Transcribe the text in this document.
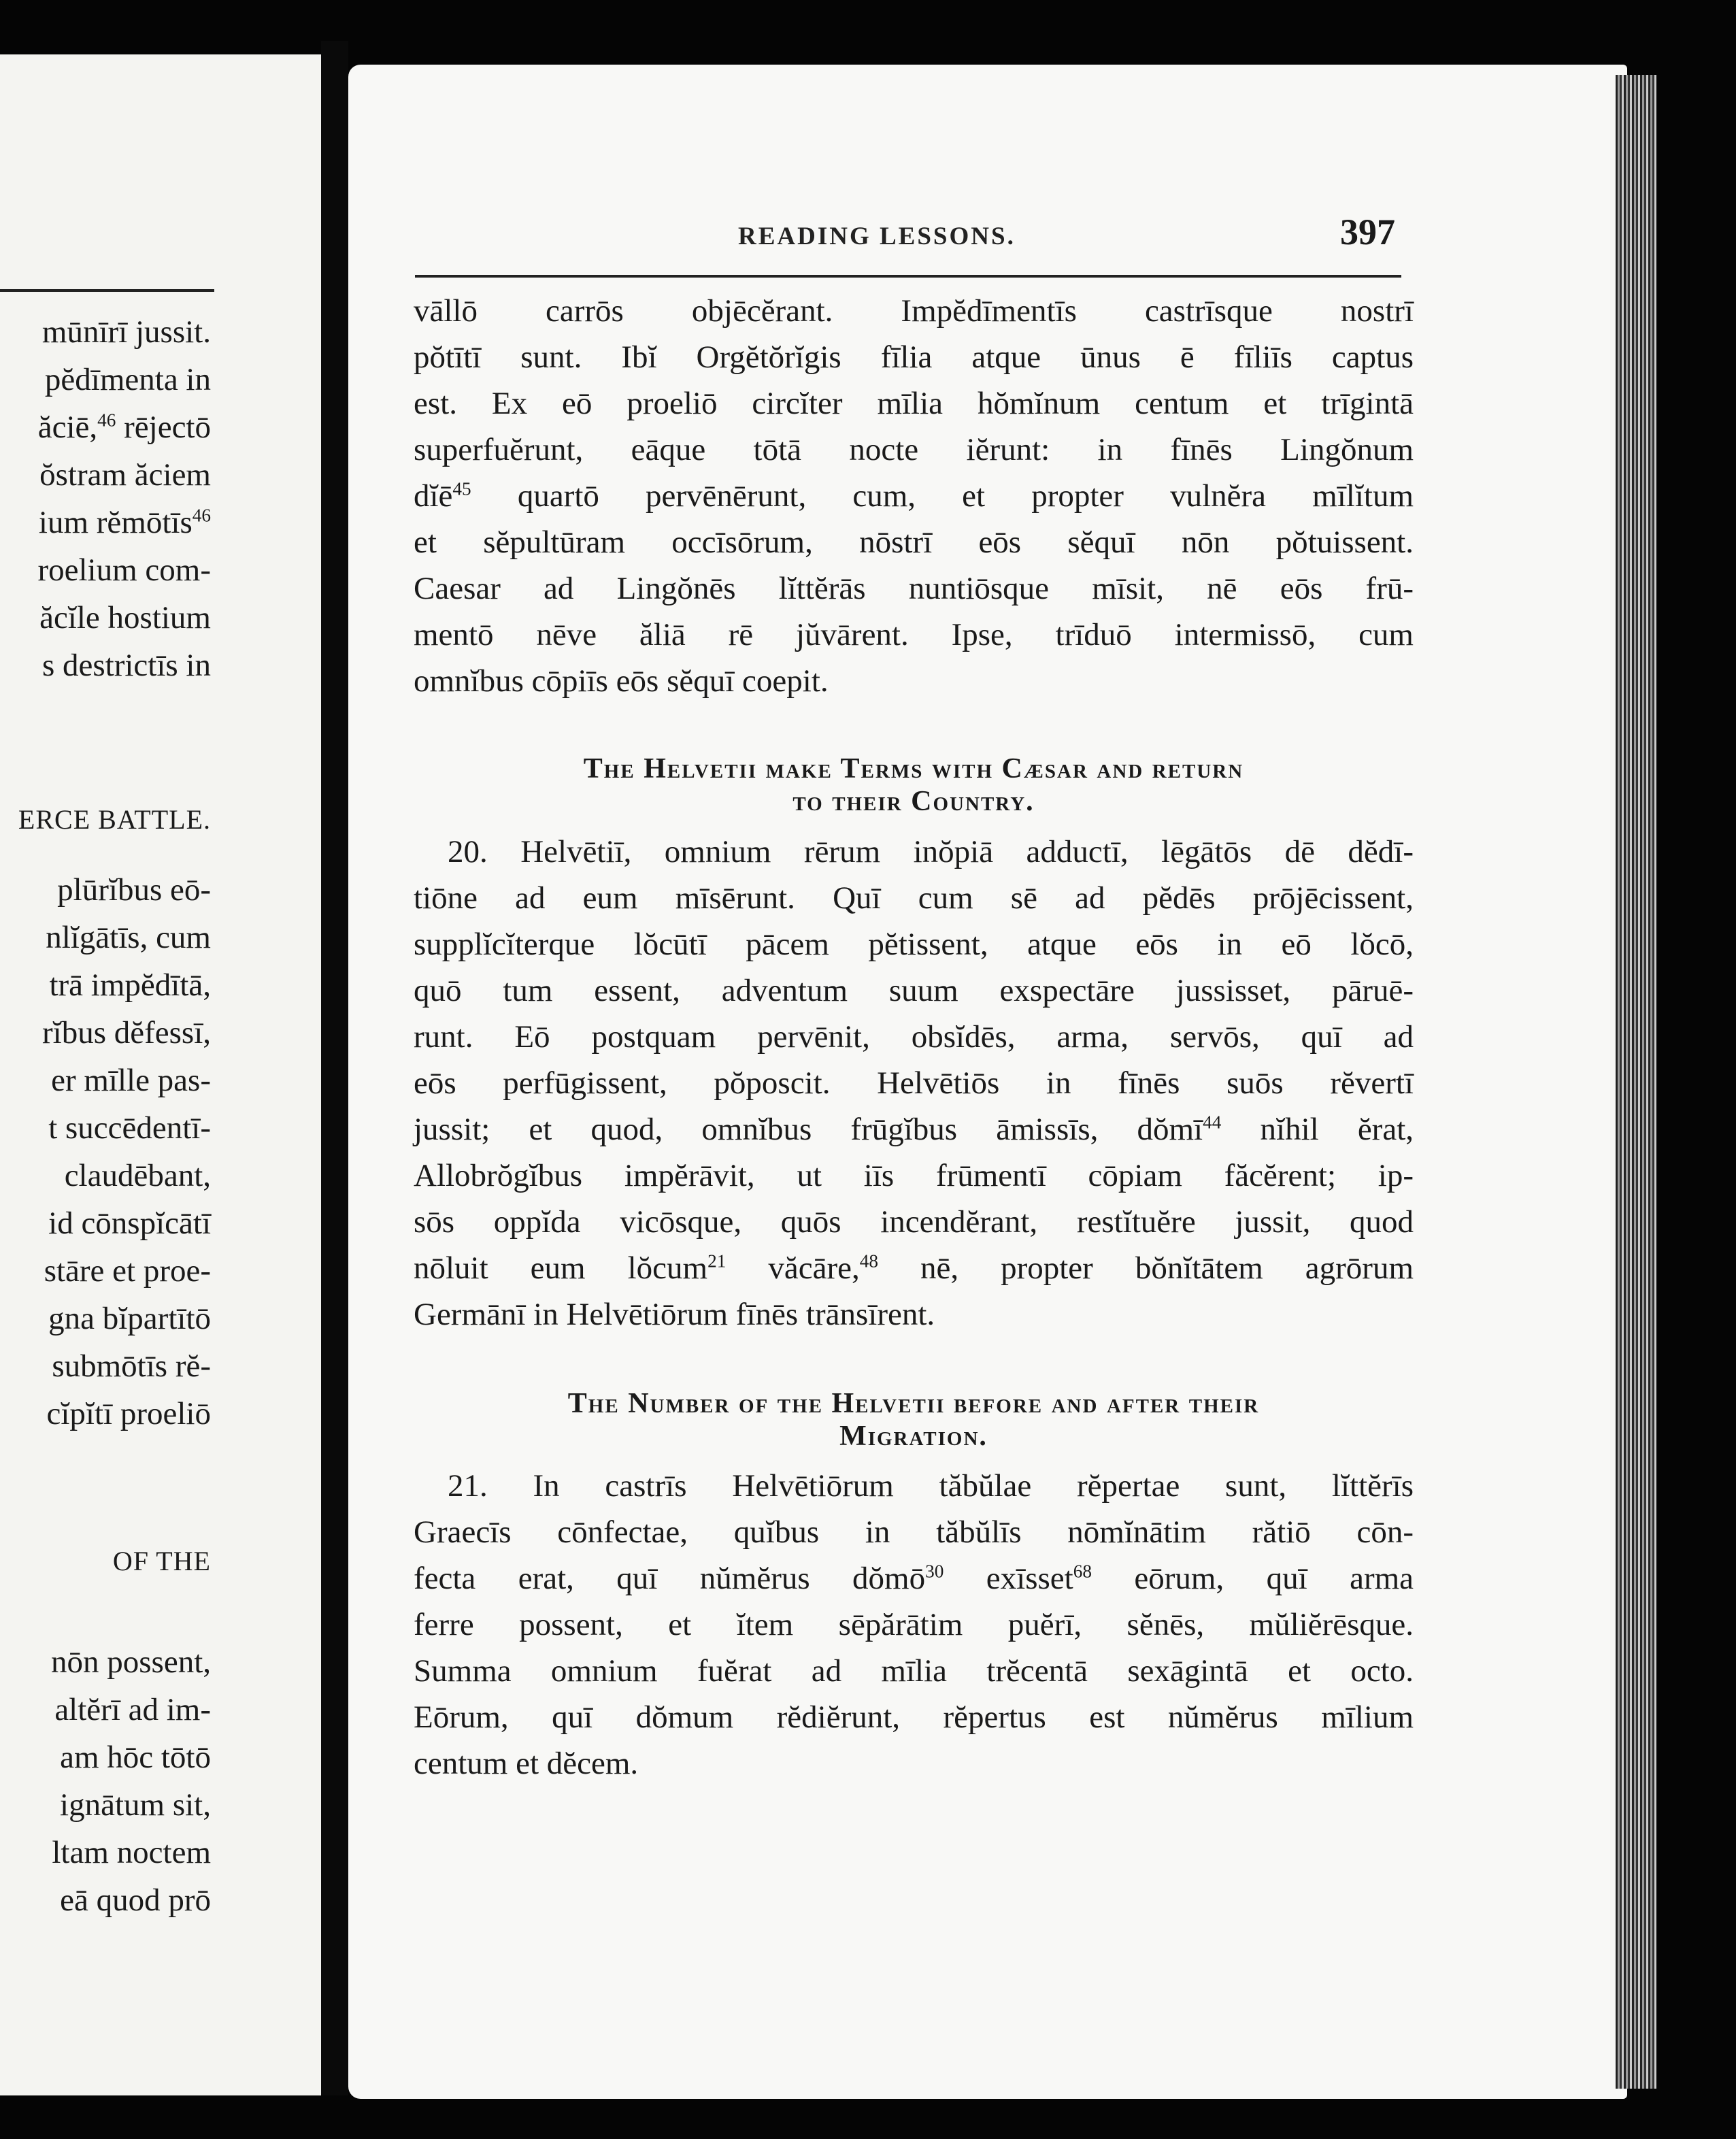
mūnīrī jussit.
pĕdīmenta in
ăciē,$^{46}$ rējectō
ŏstram ăciem
ium rĕmōtīs$^{46}$
roelium com-
ăcĭle hostium
s destrictīs in
ERCE BATTLE.
plūrĭbus eō-
nlĭgātīs, cum
trā impĕdītā,
rĭbus dĕfessī,
er mīlle pas-
t succēdentī-
claudēbant,
id cōnspĭcātī
stāre et proe-
gna bĭpartītō
submōtīs rĕ-
cĭpĭtī proeliō
OF THE
nōn possent,
altĕrī ad im-
am hōc tōtō
ignātum sit,
ltam noctem
eā quod prō
READING LESSONS.	397
vāllō carrōs objēcĕrant. Impĕdīmentīs castrīsque nostrī
pŏtītī sunt. Ibĭ Orgĕtŏrĭgis fīlia atque ūnus ē fīliīs captus
est. Ex eō proeliō circĭter mīlia hŏmĭnum centum et trīgintā
superfuĕrunt, eāque tōtā nocte iĕrunt: in fīnēs Lingŏnum
dĭē$^{45}$ quartō pervēnērunt, cum, et propter vulnĕra mīlĭtum
et sĕpultūram occīsōrum, nōstrī eōs sĕquī nōn pŏtuissent.
Caesar ad Lingŏnēs lĭttĕrās nuntiōsque mīsit, nē eōs frū-
mentō nēve ăliā rē jŭvārent. Ipse, trīduō intermissō, cum
omnĭbus cōpiīs eōs sĕquī coepit.
The Helvetii make Terms with Cæsar and return
to their Country.
20. Helvētiī, omnium rērum inŏpiā adductī, lēgātōs dē dĕdī-
tiōne ad eum mīsērunt. Quī cum sē ad pĕdēs prōjēcissent,
supplĭcĭterque lŏcūtī pācem pĕtissent, atque eōs in eō lŏcō,
quō tum essent, adventum suum exspectāre jussisset, pāruē-
runt. Eō postquam pervēnit, obsĭdēs, arma, servōs, quī ad
eōs perfūgissent, pŏposcit. Helvētiōs in fīnēs suōs rĕvertī
jussit; et quod, omnĭbus frūgĭbus āmissīs, dŏmī$^{44}$ nĭhil ĕrat,
Allobrŏgĭbus impĕrāvit, ut iīs frūmentī cōpiam făcĕrent; ip-
sōs oppĭda vicōsque, quōs incendĕrant, restĭtuĕre jussit, quod
nōluit eum lŏcum$^{21}$ văcāre,$^{48}$ nē, propter bŏnĭtātem agrōrum
Germānī in Helvētiōrum fīnēs trānsīrent.
The Number of the Helvetii before and after their
Migration.
21. In castrīs Helvētiōrum tăbŭlae rĕpertae sunt, lĭttĕrīs
Graecīs cōnfectae, quĭbus in tăbŭlīs nōmĭnātim rătiō cōn-
fecta erat, quī nŭmĕrus dŏmō$^{30}$ exīsset$^{68}$ eōrum, quī arma
ferre possent, et ĭtem sēpărātim puĕrī, sĕnēs, mŭliĕrēsque.
Summa omnium fuĕrat ad mīlia trĕcentā sexāgintā et octo.
Eōrum, quī dŏmum rĕdiĕrunt, rĕpertus est nŭmĕrus mīlium
centum et dĕcem.
